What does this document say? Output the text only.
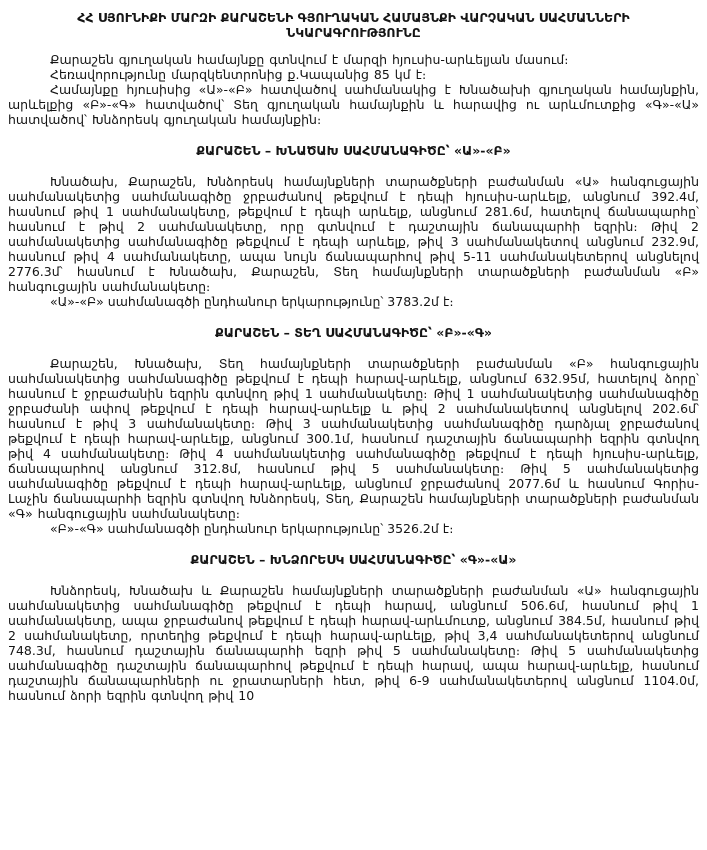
ՀՀ ՍՅՈՒՆԻՔԻ ՄԱՐԶԻ ՔԱՐԱՇԵՆԻ ԳՅՈՒՂԱԿԱՆ ՀԱՄԱՅՆՔԻ ՎԱՐՉԱԿԱՆ ՍԱՀՄԱՆՆԵՐԻ
ՆԿԱՐԱԳՐՈՒԹՅՈՒՆԸ

Քարաշեն գյուղական համայնքը գտնվում է մարզի հյուսիս-արևելյան մասում։

Հեռավորությունը մարզկենտրոնից ք.Կապանից 85 կմ է։

Համայնքը հյուսիսից «Ա»-«Բ» հատվածով սահմանակից է Խնածախի գյուղական համայնքին, արևելքից «Բ»-«Գ» հատվածով՝ Տեղ գյուղական համայնքին և հարավից ու արևմուտքից «Գ»-«Ա» հատվածով՝ Խնձորեսկ գյուղական համայնքին։

ՔԱՐԱՇԵՆ – ԽՆԱԾԱԽ ՍԱՀՄԱՆԱԳԻԾԸ՝ «Ա»-«Բ»

Խնածախ, Քարաշեն, Խնձորեսկ համայնքների տարածքների բաժանման «Ա» հանգուցային սահմանակետից սահմանագիծը ջրբաժանով թեքվում է դեպի հյուսիս-արևելք, անցնում 392.4մ, հասնում թիվ 1 սահմանակետը, թեքվում է դեպի արևելք, անցնում 281.6մ, հատելով ճանապարհը՝ հասնում է թիվ 2 սահմանակետը, որը գտնվում է դաշտային ճանապարհի եզրին։ Թիվ 2 սահմանակետից սահմանագիծը թեքվում է դեպի արևելք, թիվ 3 սահմանակետով անցնում 232.9մ, հասնում թիվ 4 սահմանակետը, ապա նույն ճանապարհով թիվ 5-11 սահմանակետերով անցնելով 2776.3մ՝ հասնում է Խնածախ, Քարաշեն, Տեղ համայնքների տարածքների բաժանման «Բ» հանգուցային սահմանակետը։

«Ա»-«Բ» սահմանագծի ընդհանուր երկարությունը՝ 3783.2մ է։

ՔԱՐԱՇԵՆ – ՏԵՂ ՍԱՀՄԱՆԱԳԻԾԸ՝ «Բ»-«Գ»

Քարաշեն, Խնածախ, Տեղ համայնքների տարածքների բաժանման «Բ» հանգուցային սահմանակետից սահմանագիծը թեքվում է դեպի հարավ-արևելք, անցնում 632.95մ, հատելով ձորը՝ հասնում է ջրբաժանին եզրին գտնվող թիվ 1 սահմանակետը։ Թիվ 1 սահմանակետից սահմանագիծը ջրբաժանի ափով թեքվում է դեպի հարավ-արևելք և թիվ 2 սահմանակետով անցնելով 202.6մ՝ հասնում է թիվ 3 սահմանակետը։ Թիվ 3 սահմանակետից սահմանագիծը դարձյալ ջրբաժանով թեքվում է դեպի հարավ-արևելք, անցնում 300.1մ, հասնում դաշտային ճանապարհի եզրին գտնվող թիվ 4 սահմանակետը։ Թիվ 4 սահմանակետից սահմանագիծը թեքվում է դեպի հյուսիս-արևելք, ճանապարհով անցնում 312.8մ, հասնում թիվ 5 սահմանակետը։ Թիվ 5 սահմանակետից սահմանագիծը թեքվում է դեպի հարավ-արևելք, անցնում ջրբաժանով 2077.6մ և հասնում Գորիս-Լաչին ճանապարհի եզրին գտնվող Խնձորեսկ, Տեղ, Քարաշեն համայնքների տարածքների բաժանման «Գ» հանգուցային սահմանակետը։

«Բ»-«Գ» սահմանագծի ընդհանուր երկարությունը՝ 3526.2մ է։

ՔԱՐԱՇԵՆ – ԽՆՁՈՐԵՍԿ ՍԱՀՄԱՆԱԳԻԾԸ՝ «Գ»-«Ա»

Խնձորեսկ, Խնածախ և Քարաշեն համայնքների տարածքների բաժանման «Ա» հանգուցային սահմանակետից սահմանագիծը թեքվում է դեպի հարավ, անցնում 506.6մ, հասնում թիվ 1 սահմանակետը, ապա ջրբաժանով թեքվում է դեպի հարավ-արևմուտք, անցնում 384.5մ, հասնում թիվ 2 սահմանակետը, որտեղից թեքվում է դեպի հարավ-արևելք, թիվ 3,4 սահմանակետերով անցնում 748.3մ, հասնում դաշտային ճանապարհի եզրի թիվ 5 սահմանակետը։ Թիվ 5 սահմանակետից սահմանագիծը դաշտային ճանապարհով թեքվում է դեպի հարավ, ապա հարավ-արևելք, հասնում դաշտային ճանապարհների ու ջրատարների հետ, թիվ 6-9 սահմանակետերով անցնում 1104.0մ, հասնում ձորի եզրին գտնվող թիվ 10
